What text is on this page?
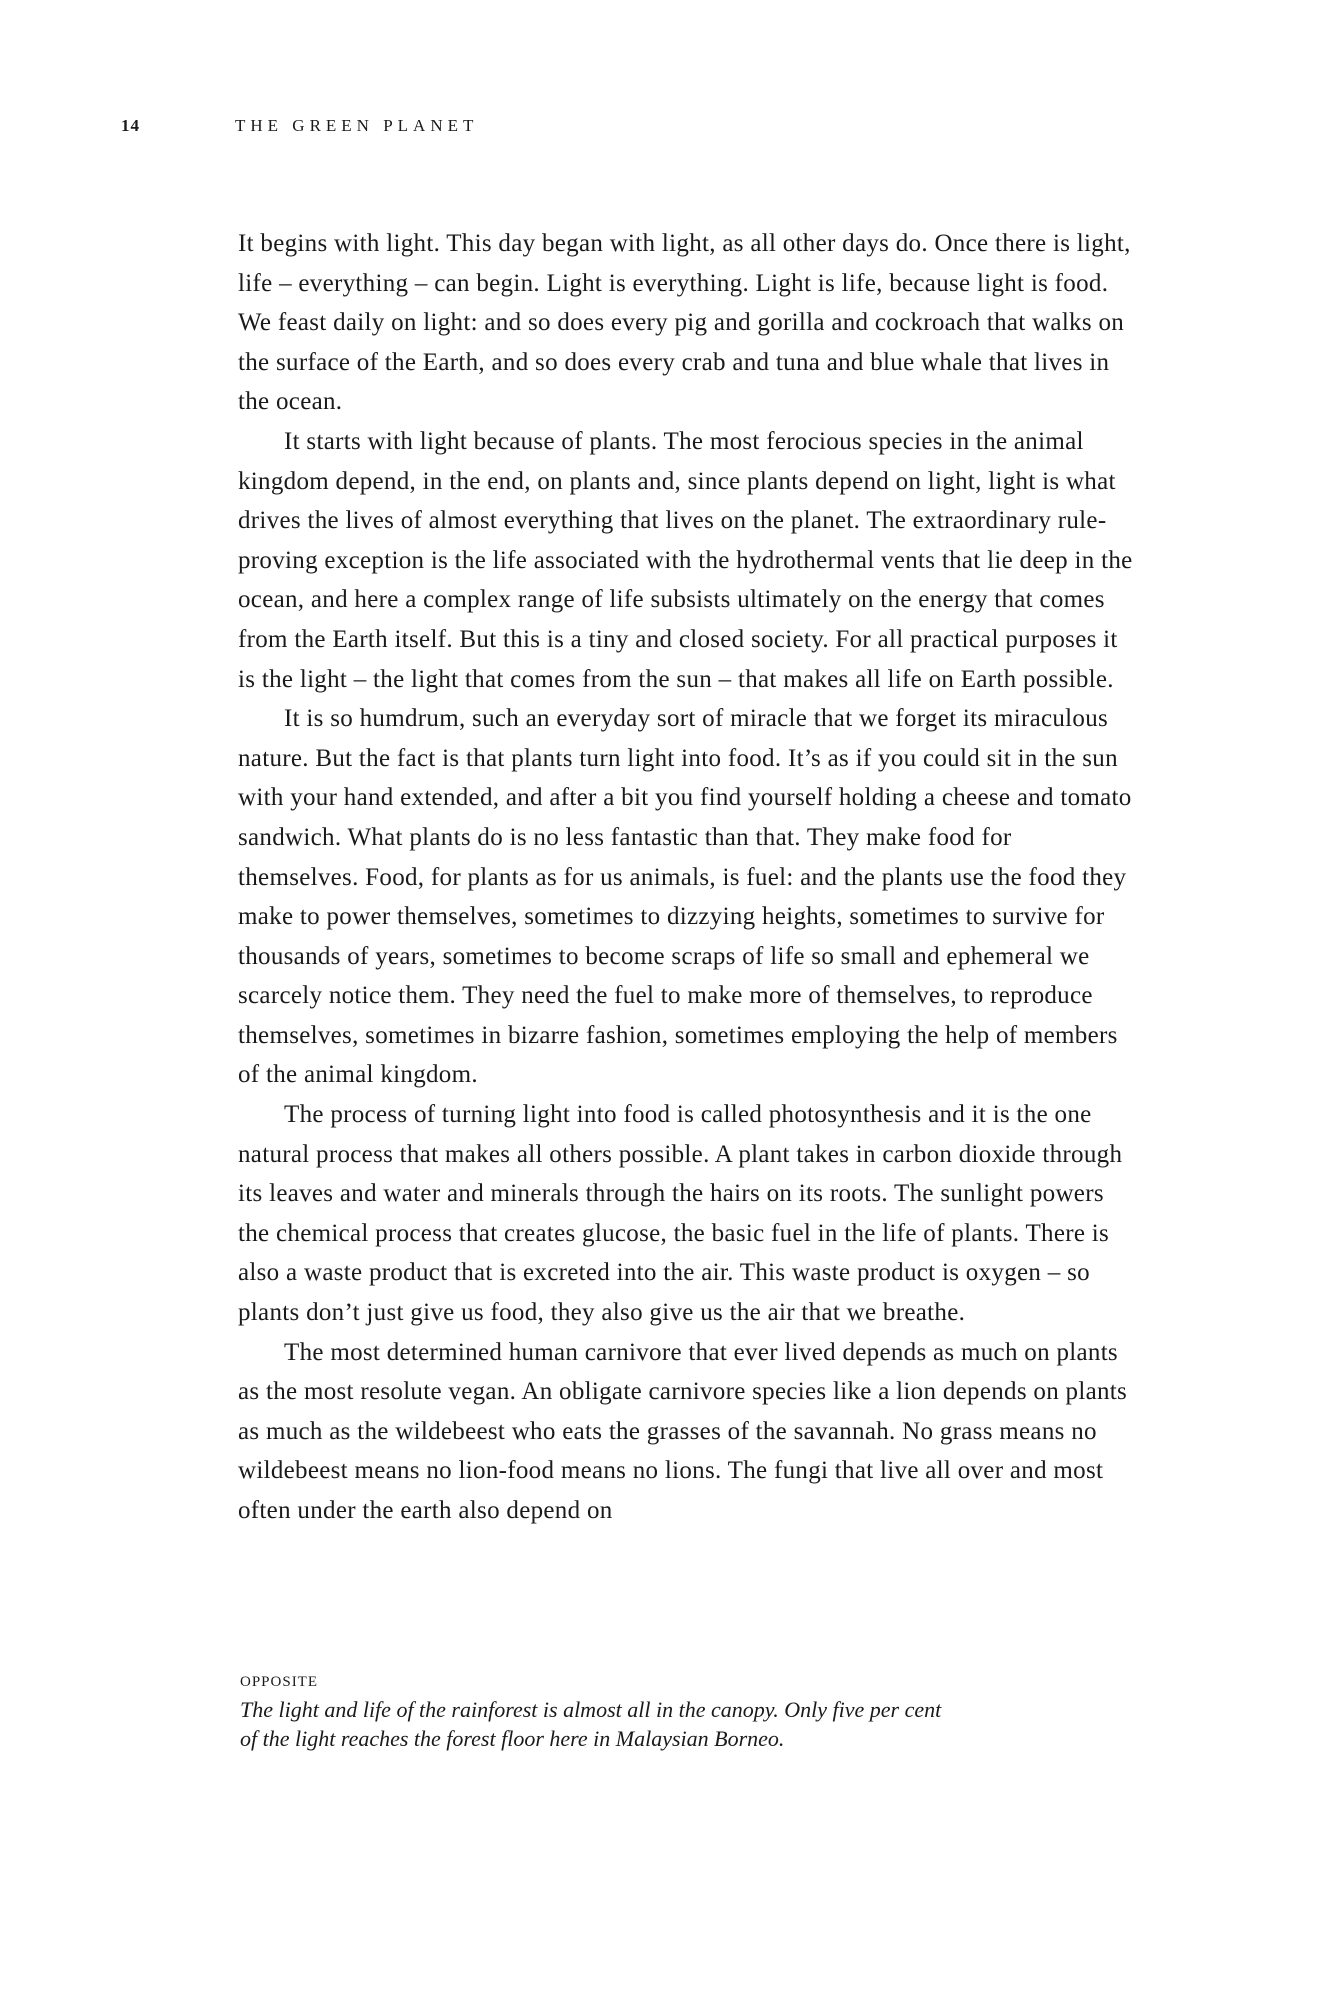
14	THE GREEN PLANET

It begins with light. This day began with light, as all other days do. Once there is light, life – everything – can begin. Light is everything. Light is life, because light is food. We feast daily on light: and so does every pig and gorilla and cockroach that walks on the surface of the Earth, and so does every crab and tuna and blue whale that lives in the ocean.

It starts with light because of plants. The most ferocious species in the animal kingdom depend, in the end, on plants and, since plants depend on light, light is what drives the lives of almost everything that lives on the planet. The extraordinary rule-proving exception is the life associated with the hydrothermal vents that lie deep in the ocean, and here a complex range of life subsists ultimately on the energy that comes from the Earth itself. But this is a tiny and closed society. For all practical purposes it is the light – the light that comes from the sun – that makes all life on Earth possible.

It is so humdrum, such an everyday sort of miracle that we forget its miraculous nature. But the fact is that plants turn light into food. It’s as if you could sit in the sun with your hand extended, and after a bit you find yourself holding a cheese and tomato sandwich. What plants do is no less fantastic than that. They make food for themselves. Food, for plants as for us animals, is fuel: and the plants use the food they make to power themselves, sometimes to dizzying heights, sometimes to survive for thousands of years, sometimes to become scraps of life so small and ephemeral we scarcely notice them. They need the fuel to make more of themselves, to reproduce themselves, sometimes in bizarre fashion, sometimes employing the help of members of the animal kingdom.

The process of turning light into food is called photosynthesis and it is the one natural process that makes all others possible. A plant takes in carbon dioxide through its leaves and water and minerals through the hairs on its roots. The sunlight powers the chemical process that creates glucose, the basic fuel in the life of plants. There is also a waste product that is excreted into the air. This waste product is oxygen – so plants don’t just give us food, they also give us the air that we breathe.

The most determined human carnivore that ever lived depends as much on plants as the most resolute vegan. An obligate carnivore species like a lion depends on plants as much as the wildebeest who eats the grasses of the savannah. No grass means no wildebeest means no lion-food means no lions. The fungi that live all over and most often under the earth also depend on

OPPOSITE
The light and life of the rainforest is almost all in the canopy. Only five per cent of the light reaches the forest floor here in Malaysian Borneo.
